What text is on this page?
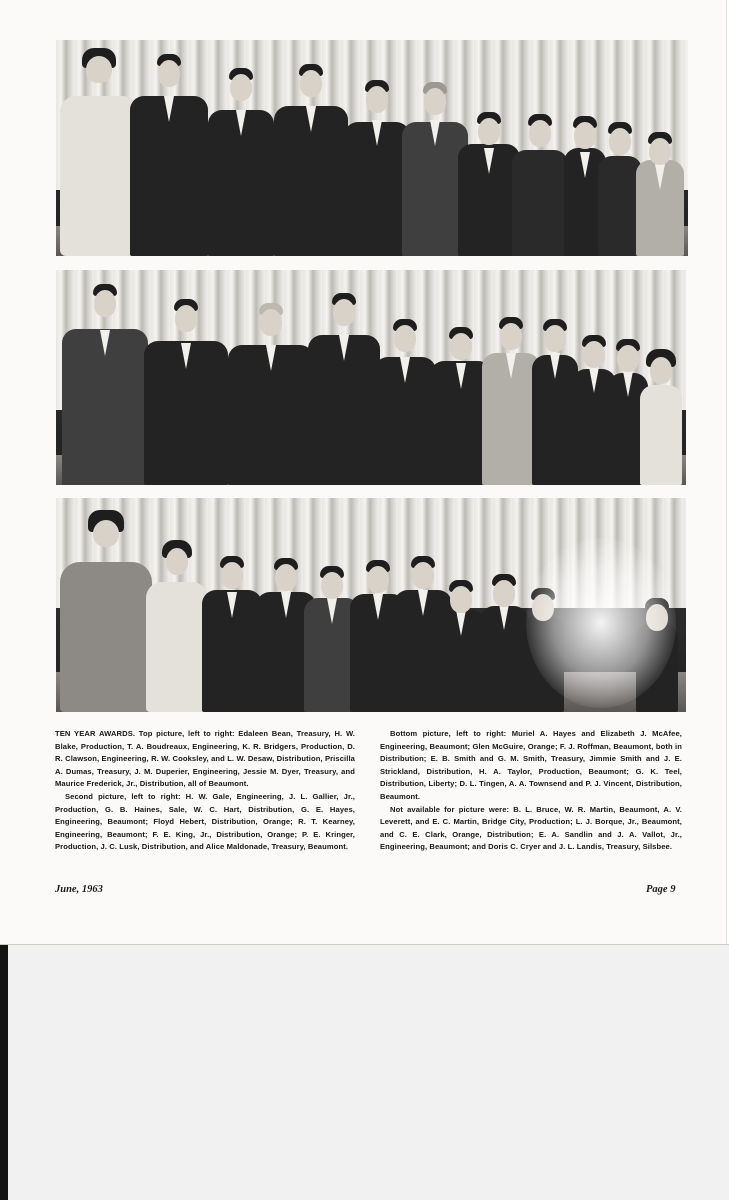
TEN YEAR AWARDS. Top picture, left to right: Edaleen Bean, Treasury, H. W. Blake, Production, T. A. Boudreaux, Engineering, K. R. Bridgers, Production, D. R. Clawson, Engineering, R. W. Cooksley, and L. W. Desaw, Distribution, Priscilla A. Dumas, Treasury, J. M. Duperier, Engineering, Jessie M. Dyer, Treasury, and Maurice Frederick, Jr., Distribution, all of Beaumont.

Second picture, left to right: H. W. Gale, Engineering, J. L. Gallier, Jr., Production, G. B. Haines, Sale, W. C. Hart, Distribution, G. E. Hayes, Engineering, Beaumont; Floyd Hebert, Distribution, Orange; R. T. Kearney, Engineering, Beaumont; F. E. King, Jr., Distribution, Orange; P. E. Kringer, Production, J. C. Lusk, Distribution, and Alice Maldonade, Treasury, Beaumont.

Bottom picture, left to right: Muriel A. Hayes and Elizabeth J. McAfee, Engineering, Beaumont; Glen McGuire, Orange; F. J. Roffman, Beaumont, both in Distribution; E. B. Smith and G. M. Smith, Treasury, Jimmie Smith and J. E. Strickland, Distribution, H. A. Taylor, Production, Beaumont; G. K. Teel, Distribution, Liberty; D. L. Tingen, A. A. Townsend and P. J. Vincent, Distribution, Beaumont.

Not available for picture were: B. L. Bruce, W. R. Martin, Beaumont, A. V. Leverett, and E. C. Martin, Bridge City, Production; L. J. Borque, Jr., Beaumont, and C. E. Clark, Orange, Distribution; E. A. Sandlin and J. A. Vallot, Jr., Engineering, Beaumont; and Doris C. Cryer and J. L. Landis, Treasury, Silsbee.

June, 1963	Page 9
